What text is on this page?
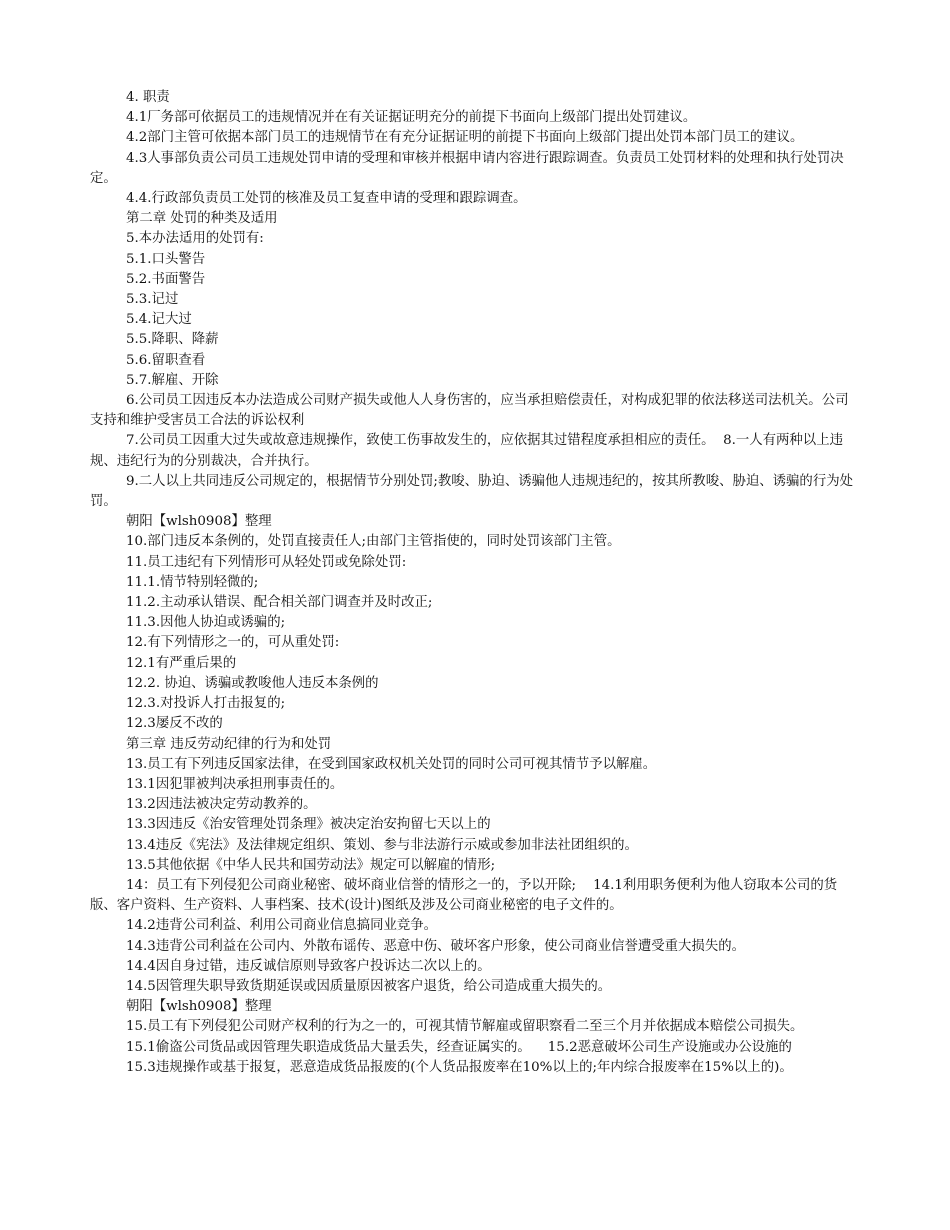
4. 职责

4.1厂务部可依据员工的违规情况并在有关证据证明充分的前提下书面向上级部门提出处罚建议。

4.2部门主管可依据本部门员工的违规情节在有充分证据证明的前提下书面向上级部门提出处罚本部门员工的建议。

4.3人事部负责公司员工违规处罚申请的受理和审核并根据申请内容进行跟踪调查。负责员工处罚材料的处理和执行处罚决定。

4.4.行政部负责员工处罚的核准及员工复查申请的受理和跟踪调查。

第二章 处罚的种类及适用

5.本办法适用的处罚有:

5.1.口头警告

5.2.书面警告

5.3.记过

5.4.记大过

5.5.降职、降薪

5.6.留职查看

5.7.解雇、开除

6.公司员工因违反本办法造成公司财产损失或他人人身伤害的，应当承担赔偿责任，对构成犯罪的依法移送司法机关。公司支持和维护受害员工合法的诉讼权利

7.公司员工因重大过失或故意违规操作，致使工伤事故发生的，应依据其过错程度承担相应的责任。  8.一人有两种以上违规、违纪行为的分别裁决，合并执行。

9.二人以上共同违反公司规定的，根据情节分别处罚;教唆、胁迫、诱骗他人违规违纪的，按其所教唆、胁迫、诱骗的行为处罚。

朝阳【wlsh0908】整理

10.部门违反本条例的，处罚直接责任人;由部门主管指使的，同时处罚该部门主管。

11.员工违纪有下列情形可从轻处罚或免除处罚:

11.1.情节特别轻微的;

11.2.主动承认错误、配合相关部门调查并及时改正;

11.3.因他人协迫或诱骗的;

12.有下列情形之一的，可从重处罚:

12.1有严重后果的

12.2. 协迫、诱骗或教唆他人违反本条例的

12.3.对投诉人打击报复的;

12.3屡反不改的

第三章 违反劳动纪律的行为和处罚

13.员工有下列违反国家法律，在受到国家政权机关处罚的同时公司可视其情节予以解雇。

13.1因犯罪被判决承担刑事责任的。

13.2因违法被决定劳动教养的。

13.3因违反《治安管理处罚条理》被决定治安拘留七天以上的

13.4违反《宪法》及法律规定组织、策划、参与非法游行示威或参加非法社团组织的。

13.5其他依据《中华人民共和国劳动法》规定可以解雇的情形;

14：员工有下列侵犯公司商业秘密、破坏商业信誉的情形之一的，予以开除;    14.1利用职务便利为他人窃取本公司的货版、客户资料、生产资料、人事档案、技术(设计)图纸及涉及公司商业秘密的电子文件的。

14.2违背公司利益、利用公司商业信息搞同业竞争。

14.3违背公司利益在公司内、外散布谣传、恶意中伤、破坏客户形象，使公司商业信誉遭受重大损失的。

14.4因自身过错，违反诚信原则导致客户投诉达二次以上的。

14.5因管理失职导致货期延误或因质量原因被客户退货，给公司造成重大损失的。

朝阳【wlsh0908】整理

15.员工有下列侵犯公司财产权利的行为之一的，可视其情节解雇或留职察看二至三个月并依据成本赔偿公司损失。

15.1偷盗公司货品或因管理失职造成货品大量丢失，经查证属实的。    15.2恶意破坏公司生产设施或办公设施的

15.3违规操作或基于报复，恶意造成货品报废的(个人货品报废率在10%以上的;年内综合报废率在15%以上的)。
